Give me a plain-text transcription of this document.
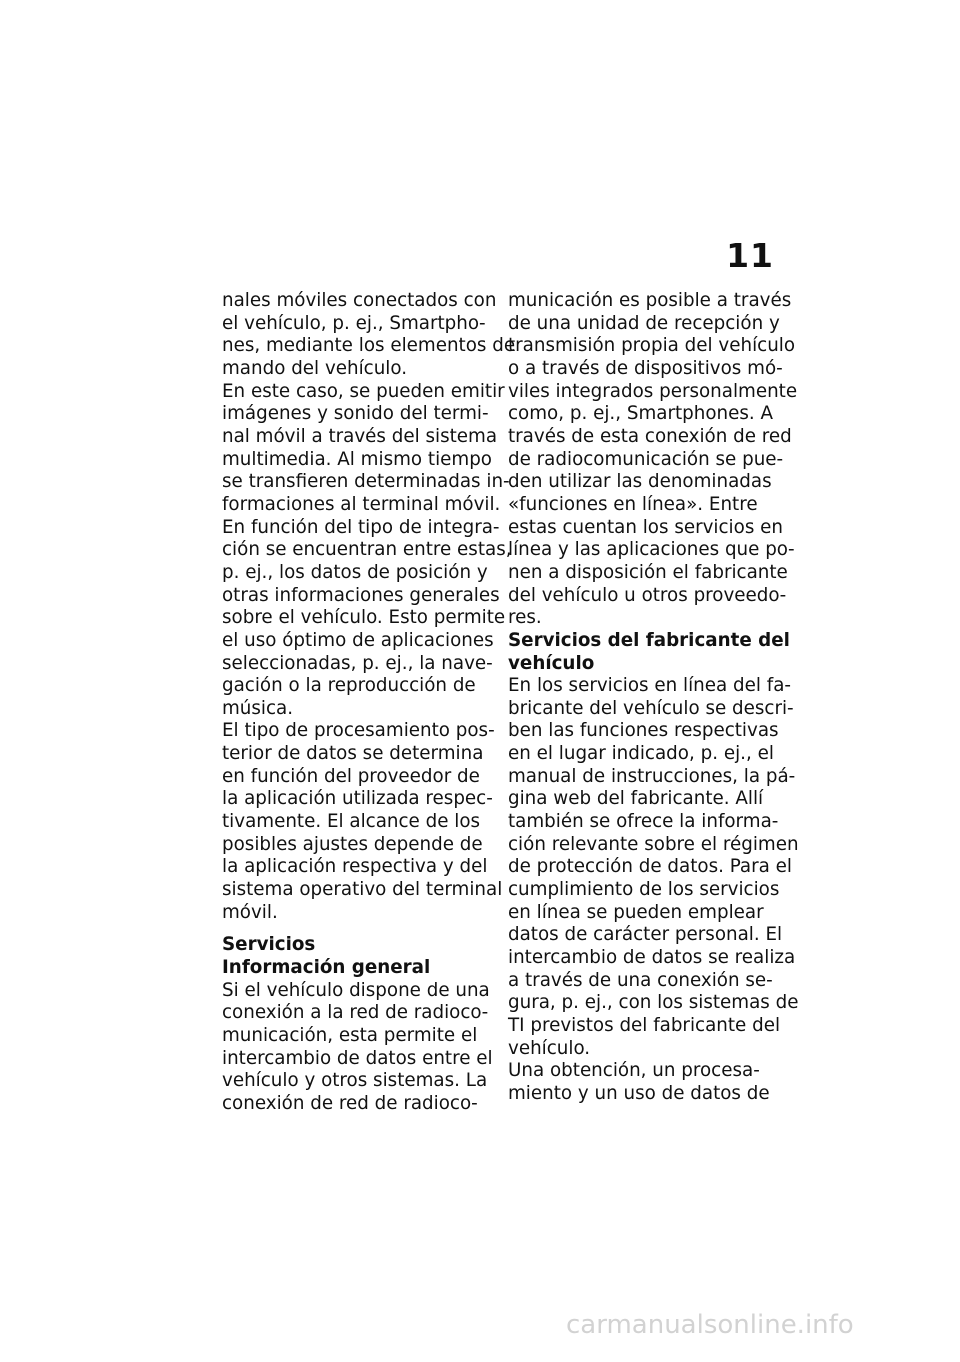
11
nales móviles conectados con
el vehículo, p. ej., Smartpho‐
nes, mediante los elementos de
mando del vehículo.
En este caso, se pueden emitir
imágenes y sonido del termi‐
nal móvil a través del sistema
multimedia. Al mismo tiempo
se transfieren determinadas in‐
formaciones al terminal móvil.
En función del tipo de integra‐
ción se encuentran entre estas,
p. ej., los datos de posición y
otras informaciones generales
sobre el vehículo. Esto permite
el uso óptimo de aplicaciones
seleccionadas, p. ej., la nave‐
gación o la reproducción de
música.
El tipo de procesamiento pos‐
terior de datos se determina
en función del proveedor de
la aplicación utilizada respec‐
tivamente. El alcance de los
posibles ajustes depende de
la aplicación respectiva y del
sistema operativo del terminal
móvil.
Servicios
Información general
Si el vehículo dispone de una
conexión a la red de radioco‐
municación, esta permite el
intercambio de datos entre el
vehículo y otros sistemas. La
conexión de red de radioco‐
municación es posible a través
de una unidad de recepción y
transmisión propia del vehículo
o a través de dispositivos mó‐
viles integrados personalmente
como, p. ej., Smartphones. A
través de esta conexión de red
de radiocomunicación se pue‐
den utilizar las denominadas
«funciones en línea». Entre
estas cuentan los servicios en
línea y las aplicaciones que po‐
nen a disposición el fabricante
del vehículo u otros proveedo‐
res.
Servicios del fabricante del
vehículo
En los servicios en línea del fa‐
bricante del vehículo se descri‐
ben las funciones respectivas
en el lugar indicado, p. ej., el
manual de instrucciones, la pá‐
gina web del fabricante. Allí
también se ofrece la informa‐
ción relevante sobre el régimen
de protección de datos. Para el
cumplimiento de los servicios
en línea se pueden emplear
datos de carácter personal. El
intercambio de datos se realiza
a través de una conexión se‐
gura, p. ej., con los sistemas de
TI previstos del fabricante del
vehículo.
Una obtención, un procesa‐
miento y un uso de datos de
carmanualsonline.info
